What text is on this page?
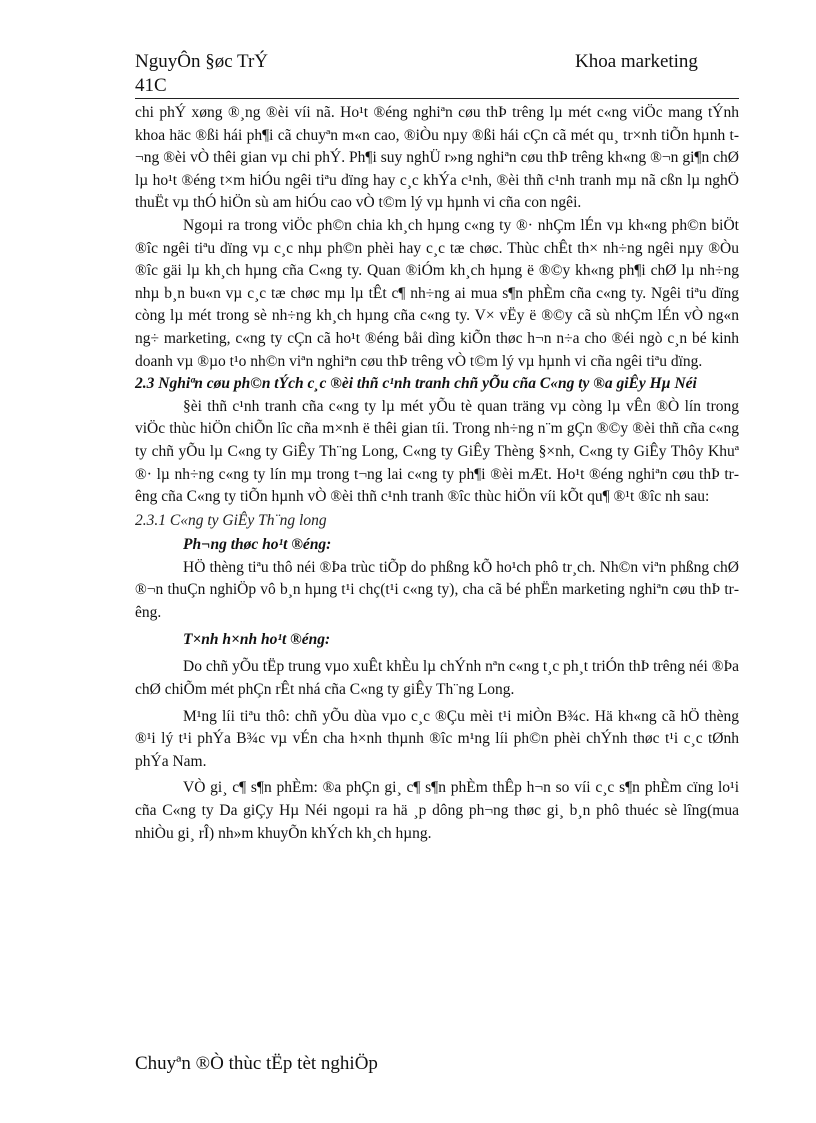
NguyÔn §øc TrÝ
41C
Khoa marketing

chi phÝ xøng ®¸ng ®èi víi nã. Ho¹t ®éng nghiªn cøu thÞ trêng lµ mét c«ng viÖc mang tÝnh khoa häc ®ßi hái ph¶i cã chuyªn m«n cao, ®iÒu nµy ®ßi hái cÇn cã mét qu¸ tr×nh tiÕn hµnh t¬ng ®èi vÒ thêi gian vµ chi phÝ. Ph¶i suy nghÜ r»ng nghiªn cøu thÞ trêng kh«ng ®¬n gi¶n chØ lµ ho¹t ®éng t×m hiÓu ngêi tiªu dïng hay c¸c khÝa c¹nh, ®èi thñ c¹nh tranh mµ nã cßn lµ nghÖ thuËt vµ thÓ hiÖn sù am hiÓu cao vÒ t©m lý vµ hµnh vi cña con ngêi.

Ngoµi ra trong viÖc ph©n chia kh¸ch hµng c«ng ty ®· nhÇm lÉn vµ kh«ng ph©n biÖt ®îc ngêi tiªu dïng vµ c¸c nhµ ph©n phèi hay c¸c tæ chøc. Thùc chÊt th× nh÷ng ngêi nµy ®Òu ®îc gäi lµ kh¸ch hµng cña C«ng ty. Quan ®iÓm kh¸ch hµng ë ®©y kh«ng ph¶i chØ lµ nh÷ng nhµ b¸n bu«n vµ c¸c tæ chøc mµ lµ tÊt c¶ nh÷ng ai mua s¶n phÈm cña c«ng ty. Ngêi tiªu dïng còng lµ mét trong sè nh÷ng kh¸ch hµng cña c«ng ty. V× vËy ë ®©y cã sù nhÇm lÉn vÒ ng«n ng÷ marketing, c«ng ty cÇn cã ho¹t ®éng båi dìng kiÕn thøc h¬n n÷a cho ®éi ngò c¸n bé kinh doanh vµ ®µo t¹o nh©n viªn nghiªn cøu thÞ trêng vÒ t©m lý vµ hµnh vi cña ngêi tiªu dïng.

2.3 Nghiªn cøu ph©n tÝch c¸c ®èi thñ c¹nh tranh chñ yÕu cña C«ng ty ®a giÊy Hµ Néi

§èi thñ c¹nh tranh cña c«ng ty lµ mét yÕu tè quan träng vµ còng lµ vÊn ®Ò lín trong viÖc thùc hiÖn chiÕn lîc cña m×nh ë thêi gian tíi. Trong nh÷ng n¨m gÇn ®©y ®èi thñ cña c«ng ty chñ yÕu lµ C«ng ty GiÊy Th¨ng Long, C«ng ty GiÊy Thèng §×nh, C«ng ty GiÊy Thôy Khuª ®· lµ nh÷ng c«ng ty lín mµ trong t¬ng lai c«ng ty ph¶i ®èi mÆt. Ho¹t ®éng nghiªn cøu thÞ trêng cña C«ng ty tiÕn hµnh vÒ ®èi thñ c¹nh tranh ®îc thùc hiÖn víi kÕt qu¶ ®¹t ®îc nh sau:

2.3.1 C«ng ty GiÊy Th¨ng long
Ph¬ng thøc ho¹t ®éng:

HÖ thèng tiªu thô néi ®Þa trùc tiÕp do phßng kÕ ho¹ch phô tr¸ch. Nh©n viªn phßng chØ ®¬n thuÇn nghiÖp vô b¸n hµng t¹i chç(t¹i c«ng ty), cha cã bé phËn marketing nghiªn cøu thÞ trêng.

T×nh h×nh ho¹t ®éng:

Do chñ yÕu tËp trung vµo xuÊt khÈu lµ chÝnh nªn c«ng t¸c ph¸t triÓn thÞ trêng néi ®Þa chØ chiÕm mét phÇn rÊt nhá cña C«ng ty giÊy Th¨ng Long.

M¹ng líi tiªu thô: chñ yÕu dùa vµo c¸c ®Çu mèi t¹i miÒn B¾c. Hä kh«ng cã hÖ thèng ®¹i lý t¹i phÝa B¾c vµ vÉn cha h×nh thµnh ®îc m¹ng líi ph©n phèi chÝnh thøc t¹i c¸c tØnh phÝa Nam.

VÒ gi¸ c¶ s¶n phÈm: ®a phÇn gi¸ c¶ s¶n phÈm thÊp h¬n so víi c¸c s¶n phÈm cïng lo¹i cña C«ng ty Da giÇy Hµ Néi ngoµi ra hä ¸p dông ph¬ng thøc gi¸ b¸n phô thuéc sè lîng(mua nhiÒu gi¸ rÎ) nh»m khuyÕn khÝch kh¸ch hµng.

Chuyªn ®Ò thùc tËp tèt nghiÖp
